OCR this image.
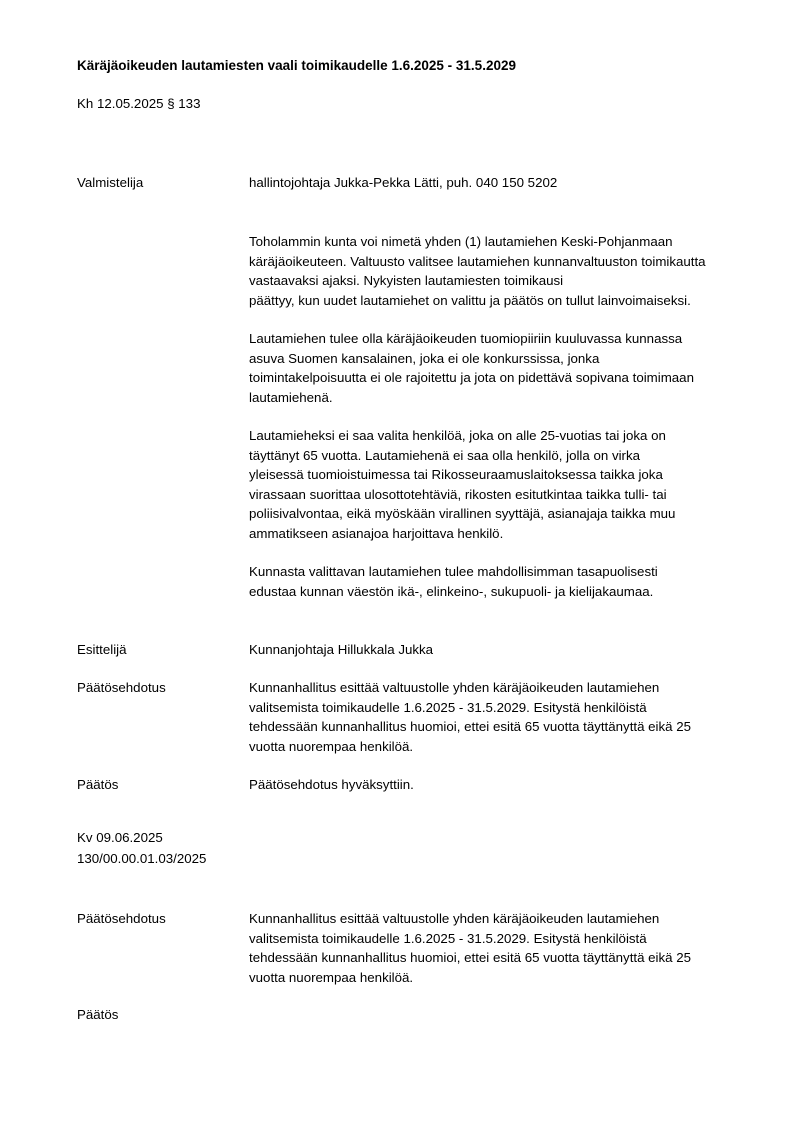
Käräjäoikeuden lautamiesten vaali toimikaudelle 1.6.2025 - 31.5.2029
Kh 12.05.2025 § 133
Valmistelija	hallintojohtaja Jukka-Pekka Lätti, puh. 040 150 5202
Toholammin kunta voi nimetä yhden (1) lautamiehen Keski-Pohjanmaan
käräjäoikeuteen. Valtuusto valitsee lautamiehen kunnanvaltuuston toimikautta
vastaavaksi ajaksi. Nykyisten lautamiesten toimikausi
päättyy, kun uudet lautamiehet on valittu ja päätös on tullut lainvoimaiseksi.
Lautamiehen tulee olla käräjäoikeuden tuomiopiiriin kuuluvassa kunnassa
asuva Suomen kansalainen, joka ei ole konkurssissa, jonka
toimintakelpoisuutta ei ole rajoitettu ja jota on pidettävä sopivana toimimaan
lautamiehenä.
Lautamieheksi ei saa valita henkilöä, joka on alle 25-vuotias tai joka on
täyttänyt 65 vuotta. Lautamiehenä ei saa olla henkilö, jolla on virka
yleisessä tuomioistuimessa tai Rikosseuraamuslaitoksessa taikka joka
virassaan suorittaa ulosottotehtäviä, rikosten esitutkintaa taikka tulli- tai
poliisivalvontaa, eikä myöskään virallinen syyttäjä, asianajaja taikka muu
ammatikseen asianajoa harjoittava henkilö.
Kunnasta valittavan lautamiehen tulee mahdollisimman tasapuolisesti
edustaa kunnan väestön ikä-, elinkeino-, sukupuoli- ja kielijakaumaa.
Esittelijä	Kunnanjohtaja Hillukkala Jukka
Päätösehdotus	Kunnanhallitus esittää valtuustolle yhden käräjäoikeuden lautamiehen
valitsemista toimikaudelle 1.6.2025 - 31.5.2029. Esitystä henkilöistä
tehdessään kunnanhallitus huomioi, ettei esitä 65 vuotta täyttänyttä eikä 25
vuotta nuorempaa henkilöä.
Päätös	Päätösehdotus hyväksyttiin.
Kv 09.06.2025
130/00.00.01.03/2025
Päätösehdotus	Kunnanhallitus esittää valtuustolle yhden käräjäoikeuden lautamiehen
valitsemista toimikaudelle 1.6.2025 - 31.5.2029. Esitystä henkilöistä
tehdessään kunnanhallitus huomioi, ettei esitä 65 vuotta täyttänyttä eikä 25
vuotta nuorempaa henkilöä.
Päätös
